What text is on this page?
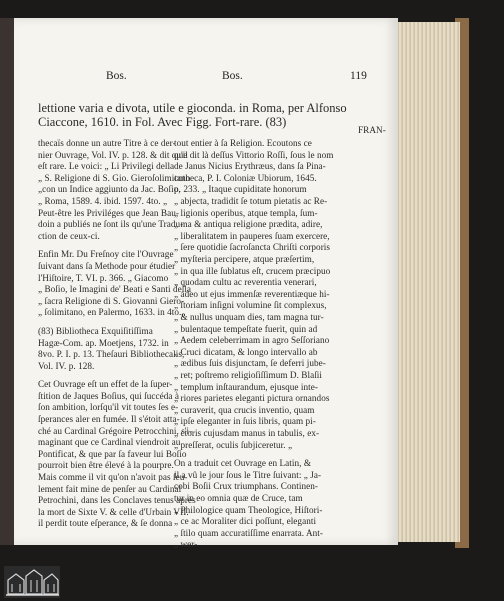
Bos.	Bos.	119
lettione varia e divota, utile e gioconda. in Roma, per Alfonso
Ciaccone, 1610. in Fol. Avec Figg. Fort-rare. (83)
FRAN-
thecaïs donne un autre Titre à ce der-
nier Ouvrage, Vol. IV. p. 128. & dit qu'il
eſt rare. Le voici: „ Li Privilegi della
„ S. Religione di S. Gio. Gieroſolimitano
„con un Indice aggiunto da Jac. Boſio,
„ Roma, 1589. 4. ibid. 1597. 4to. „
Peut-être les Priviléges que Jean Bau-
doin a publiés ne ſont ils qu'une Tradu-
ction de ceux-ci.
Enfin Mr. Du Freſnoy cite l'Ouvrage
ſuivant dans ſa Methode pour étudier
l'Hiſtoire, T. VI. p. 366. „ Giacomo
„ Boſio, le Imagini de' Beati e Santi della
„ ſacra Religione di S. Giovanni Giero-
„ ſolimitano, en Palermo, 1633. in 4to.„
(83) Bibliotheca Exquiſitiſſima
Hagæ-Com. ap. Moetjens, 1732. in
8vo. P. I. p. 13. Theſauri Bibliothecalis,
Vol. IV. p. 128.
Cet Ouvrage eſt un effet de la ſuper-
ſtition de Jaques Boſius, qui ſuccéda à
ſon ambition, lorſqu'il vit toutes ſes e-
ſperances aler en fumée. Il s'étoit atta-
ché au Cardinal Grégoire Petrocchini, s'i-
maginant que ce Cardinal viendroit au
Pontificat, & que par ſa faveur lui Boſio
pourroit bien être élevé à la pourpre.
Mais comme il vit qu'on n'avoit pas ſeu-
lement fait mine de penſer au Cardinal
Petrochini, dans les Conclaves tenus après
la mort de Sixte V. & celle d'Urbain VII.
il perdit toute eſperance, & ſe donna
tout entier à ſa Religion. Ecoutons ce
que dit là deſſus Vittorio Roſſi, ſous le nom
de Janus Nicius Erythræus, dans ſa Pina-
cotheca, P. I. Coloniæ Ubiorum, 1645.
p. 233. „ Itaque cupiditate honorum
„ abjecta, tradidit ſe totum pietatis ac Re-
„ ligionis operibus, atque templa, ſum-
„ ma & antiqua religione prædita, adire,
„ liberalitatem in pauperes ſuam exercere,
„ ſere quotidie ſacroſancta Chriſti corporis
„ myſteria percipere, atque præſertim,
„ in qua ille ſublatus eſt, crucem præcipuo
„ quodam cultu ac reverentia venerari,
„ adeo ut ejus immenſæ reverentiæque hi-
„ ſtoriam inſigni volumine ſit complexus,
„ & nullus unquam dies, tam magna tur-
„ bulentaque tempeſtate fuerit, quin ad
„ Aedem celeberrimam in agro Seſſoriano
„ Cruci dicatam, & longo intervallo ab
„ ædibus ſuis disjunctam, ſe deferri jube-
„ ret; poſtremo religioſiſſimum D. Blaſii
„ templum inſtaurandum, ejusque inte-
„ riores parietes eleganti pictura ornandos
„ curaverit, qua crucis inventio, quam
„ ipſe eleganter in ſuis libris, quam pi-
„ ctoris cujusdam manus in tabulis, ex-
„ preſſerat, oculis ſubjiceretur. „
On a traduit cet Ouvrage en Latin, &
il a vû le jour ſous le Titre ſuivant: „ Ja-
cobi Boſii Crux triumphans. Continen-
tur in eo omnia quæ de Cruce, tam
„ Philologice quam Theologice, Hiſtori-
„ ce ac Moraliter dici poſſunt, eleganti
„ ſtilo quam accuratiſſime enarrata. Ant-
„ wer-
